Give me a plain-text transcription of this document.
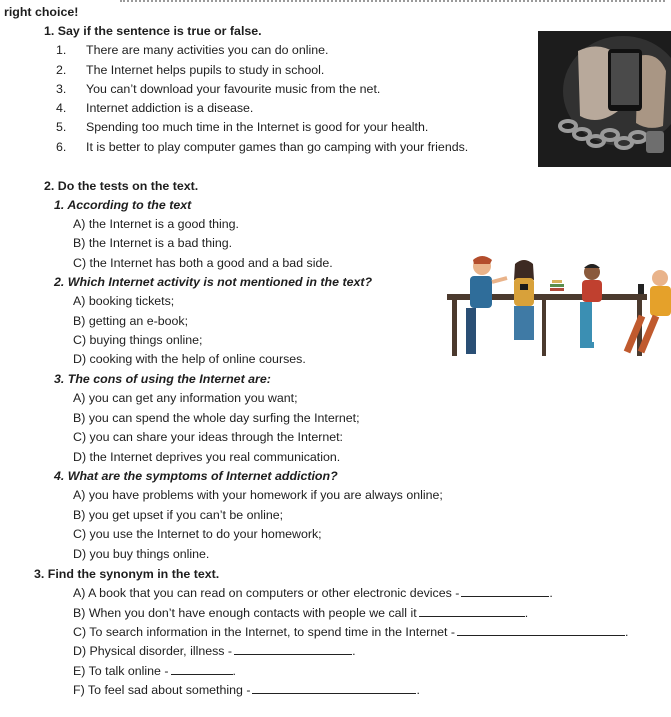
right choice!
1. Say if the sentence is true or false.
1. There are many activities you can do online.
2. The Internet helps pupils to study in school.
3. You can’t download your favourite music from the net.
4. Internet addiction is a disease.
5. Spending too much time in the Internet is good for your health.
6. It is better to play computer games than go camping with your friends.
2. Do the tests on the text.
1. According to the text
A) the Internet is a good thing.
B) the Internet is a bad thing.
C) the Internet has both a good and a bad side.
2. Which Internet activity is not mentioned in the text?
A) booking tickets;
B) getting an e-book;
C) buying things online;
D) cooking with the help of online courses.
3. The cons of using the Internet are:
A) you can get any information you want;
B) you can spend the whole day surfing the Internet;
C) you can share your ideas through the Internet:
D) the Internet deprives you real communication.
4. What are the symptoms of Internet addiction?
A) you have problems with your homework if you are always online;
B) you get upset if you can’t be online;
C) you use the Internet to do your homework;
D) you buy things online.
3. Find the synonym in the text.
A) A book that you can read on computers or other electronic devices -	.
B) When you don’t have enough contacts with people we call it	.
C) To search information in the Internet, to spend time in the Internet -	.
D) Physical disorder, illness -	.
E) To talk online -	.
F) To feel sad about something -	.
